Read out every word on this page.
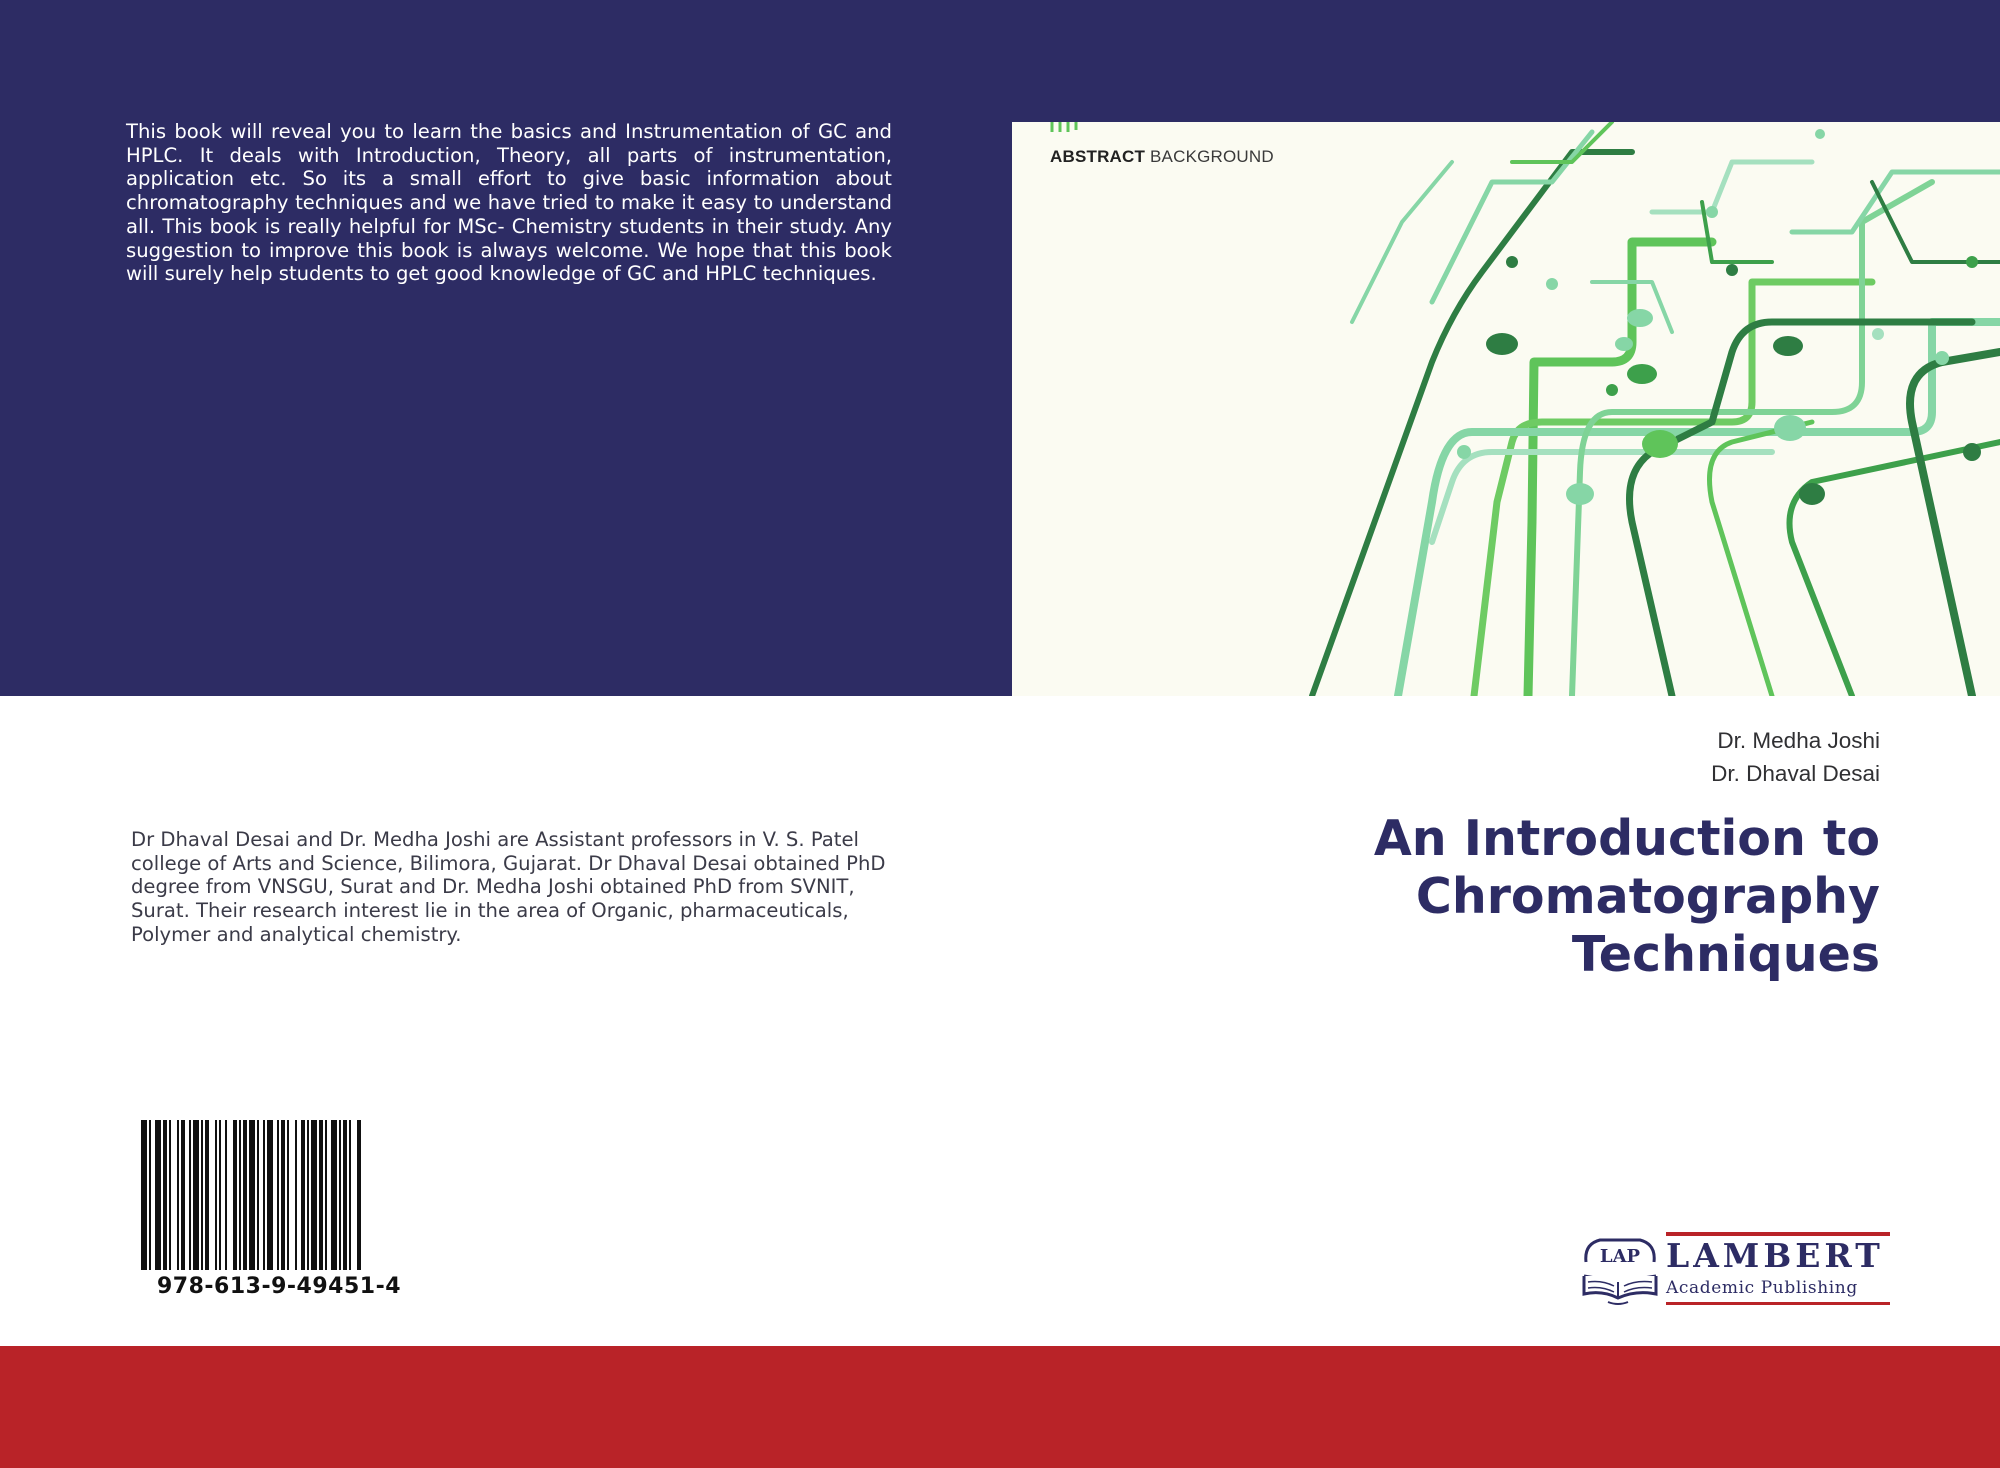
This book will reveal you to learn the basics and Instrumentation of GC and HPLC. It deals with Introduction, Theory, all parts of instrumentation, application etc. So its a small effort to give basic information about chromatography techniques and we have tried to make it easy to understand all. This book is really helpful for MSc- Chemistry students in their study. Any suggestion to improve this book is always welcome. We hope that this book will surely help students to get good knowledge of GC and HPLC techniques.

ABSTRACT BACKGROUND
Dr. Medha Joshi
Dr. Dhaval Desai
An Introduction to
Chromatography
Techniques

Dr Dhaval Desai and Dr. Medha Joshi are Assistant professors in V. S. Patel college of Arts and Science, Bilimora, Gujarat. Dr Dhaval Desai obtained PhD degree from VNSGU, Surat and Dr. Medha Joshi obtained PhD from SVNIT, Surat. Their research interest lie in the area of Organic, pharmaceuticals, Polymer and analytical chemistry.

978-613-9-49451-4
LAP LAMBERT
Academic Publishing
